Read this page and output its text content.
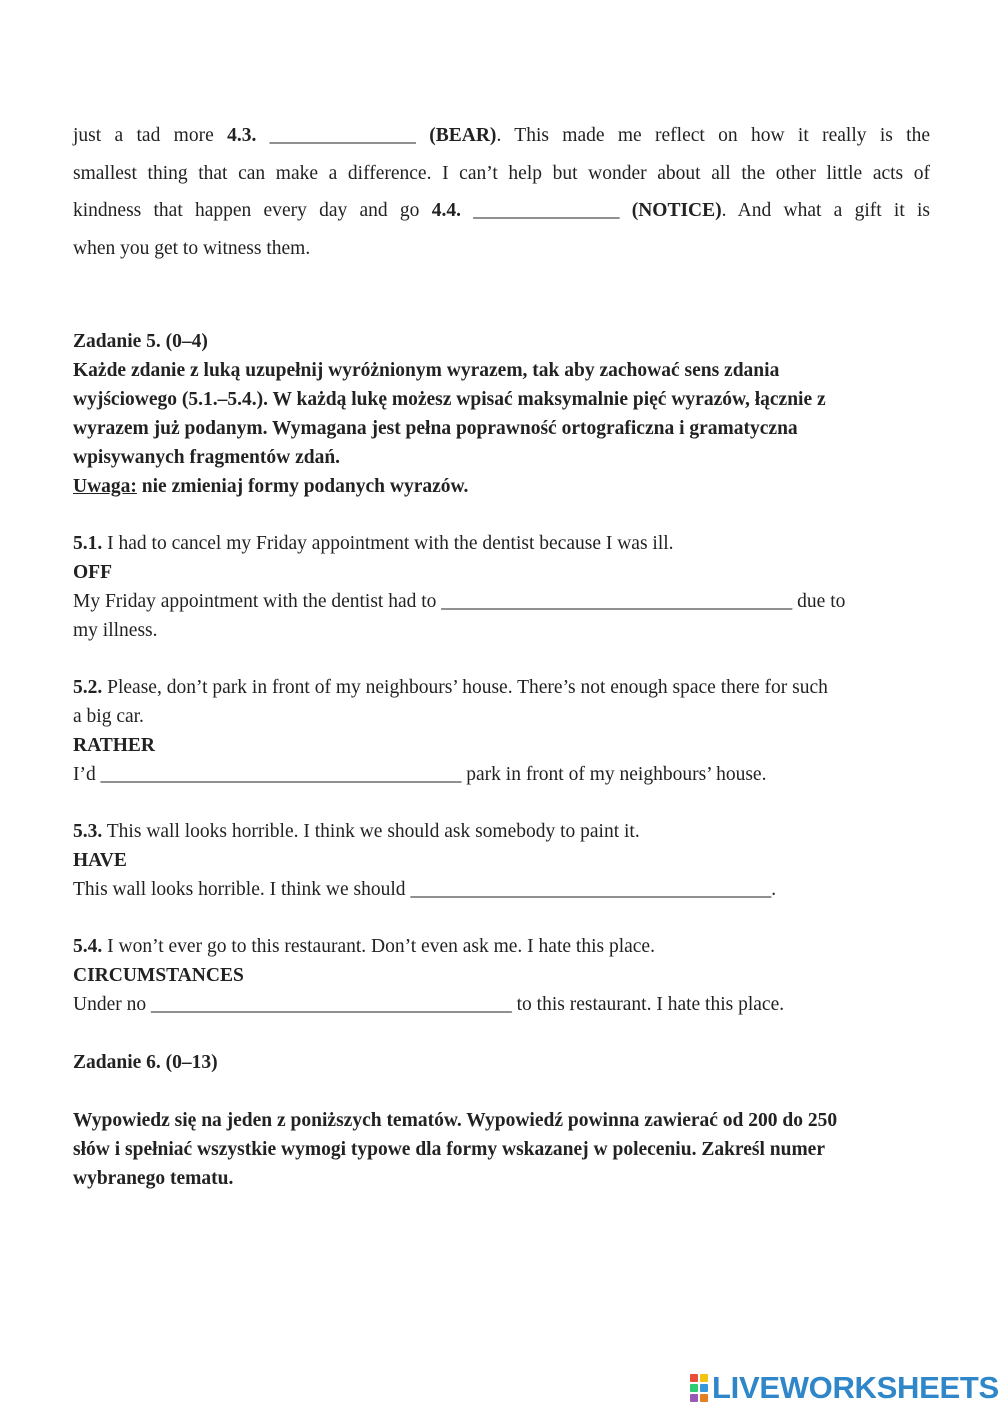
just a tad more 4.3. _______________ (BEAR). This made me reflect on how it really is the
smallest thing that can make a difference. I can’t help but wonder about all the other little acts of
kindness that happen every day and go 4.4. _______________ (NOTICE). And what a gift it is
when you get to witness them.
Zadanie 5. (0–4)
Każde zdanie z luką uzupełnij wyróżnionym wyrazem, tak aby zachować sens zdania
wyjściowego (5.1.–5.4.). W każdą lukę możesz wpisać maksymalnie pięć wyrazów, łącznie z
wyrazem już podanym. Wymagana jest pełna poprawność ortograficzna i gramatyczna
wpisywanych fragmentów zdań.
Uwaga: nie zmieniaj formy podanych wyrazów.
5.1. I had to cancel my Friday appointment with the dentist because I was ill.
OFF
My Friday appointment with the dentist had to ____________________________________ due to
my illness.
5.2. Please, don’t park in front of my neighbours’ house. There’s not enough space there for such
a big car.
RATHER
I’d _____________________________________ park in front of my neighbours’ house.
5.3. This wall looks horrible. I think we should ask somebody to paint it.
HAVE
This wall looks horrible. I think we should _____________________________________.
5.4. I won’t ever go to this restaurant. Don’t even ask me. I hate this place.
CIRCUMSTANCES
Under no _____________________________________ to this restaurant. I hate this place.
Zadanie 6. (0–13)
Wypowiedz się na jeden z poniższych tematów. Wypowiedź powinna zawierać od 200 do 250
słów i spełniać wszystkie wymogi typowe dla formy wskazanej w poleceniu. Zakreśl numer
wybranego tematu.
LIVEWORKSHEETS
